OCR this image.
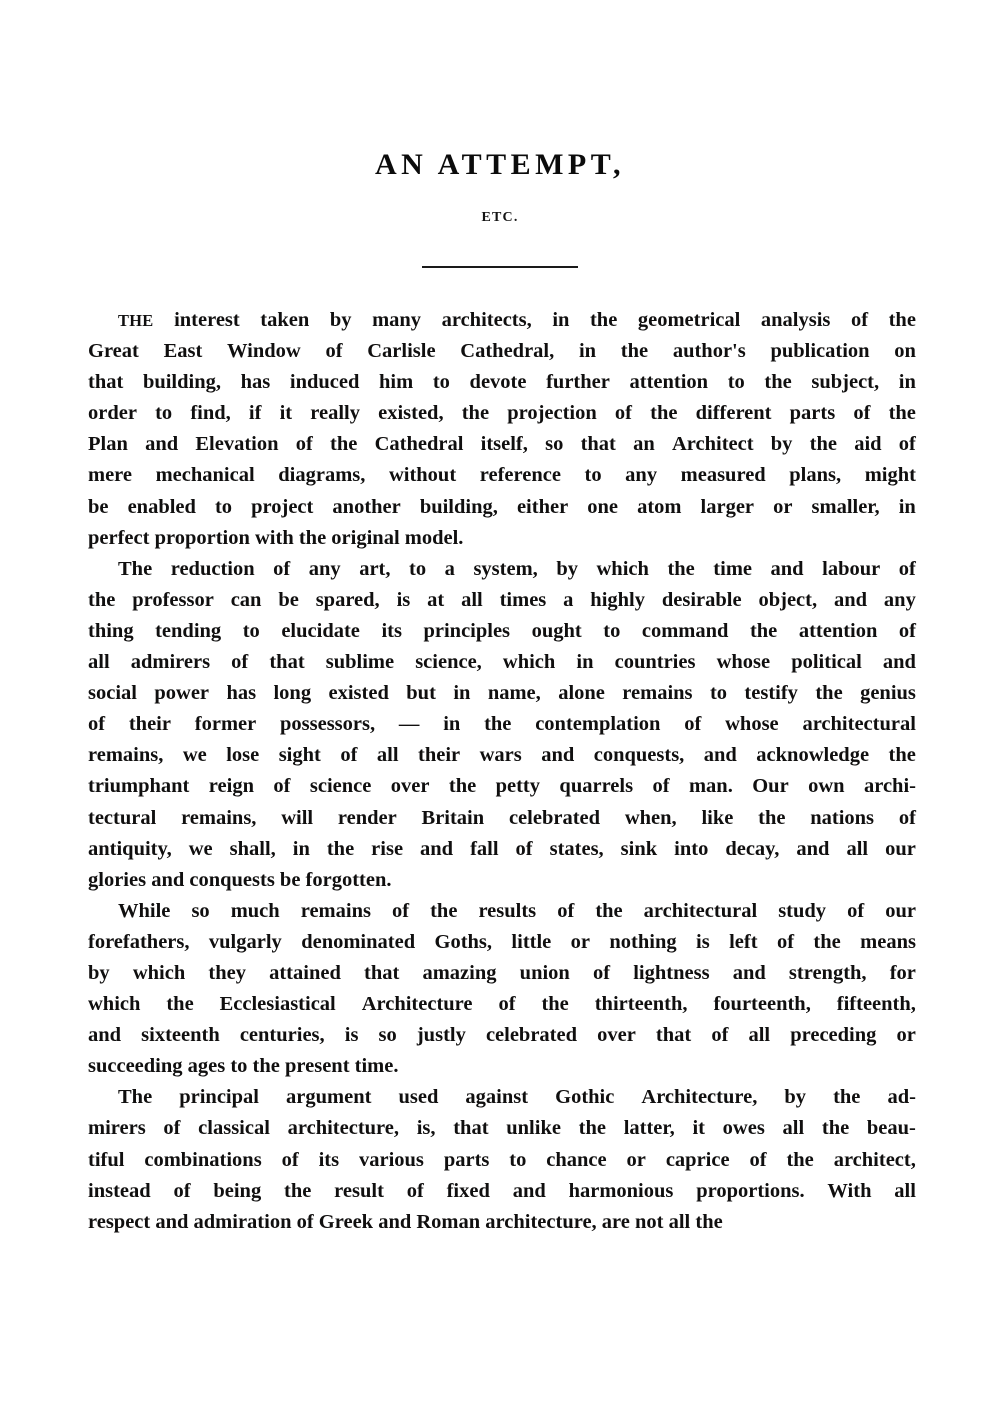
AN ATTEMPT,
ETC.
THE interest taken by many architects, in the geometrical analysis of the
Great East Window of Carlisle Cathedral, in the author's publication on
that building, has induced him to devote further attention to the subject, in
order to find, if it really existed, the projection of the different parts of the
Plan and Elevation of the Cathedral itself, so that an Architect by the aid of
mere mechanical diagrams, without reference to any measured plans, might
be enabled to project another building, either one atom larger or smaller, in
perfect proportion with the original model.
The reduction of any art, to a system, by which the time and labour of
the professor can be spared, is at all times a highly desirable object, and any
thing tending to elucidate its principles ought to command the attention of
all admirers of that sublime science, which in countries whose political and
social power has long existed but in name, alone remains to testify the genius
of their former possessors, — in the contemplation of whose architectural
remains, we lose sight of all their wars and conquests, and acknowledge the
triumphant reign of science over the petty quarrels of man. Our own archi-
tectural remains, will render Britain celebrated when, like the nations of
antiquity, we shall, in the rise and fall of states, sink into decay, and all our
glories and conquests be forgotten.
While so much remains of the results of the architectural study of our
forefathers, vulgarly denominated Goths, little or nothing is left of the means
by which they attained that amazing union of lightness and strength, for
which the Ecclesiastical Architecture of the thirteenth, fourteenth, fifteenth,
and sixteenth centuries, is so justly celebrated over that of all preceding or
succeeding ages to the present time.
The principal argument used against Gothic Architecture, by the ad-
mirers of classical architecture, is, that unlike the latter, it owes all the beau-
tiful combinations of its various parts to chance or caprice of the architect,
instead of being the result of fixed and harmonious proportions. With all
respect and admiration of Greek and Roman architecture, are not all the
